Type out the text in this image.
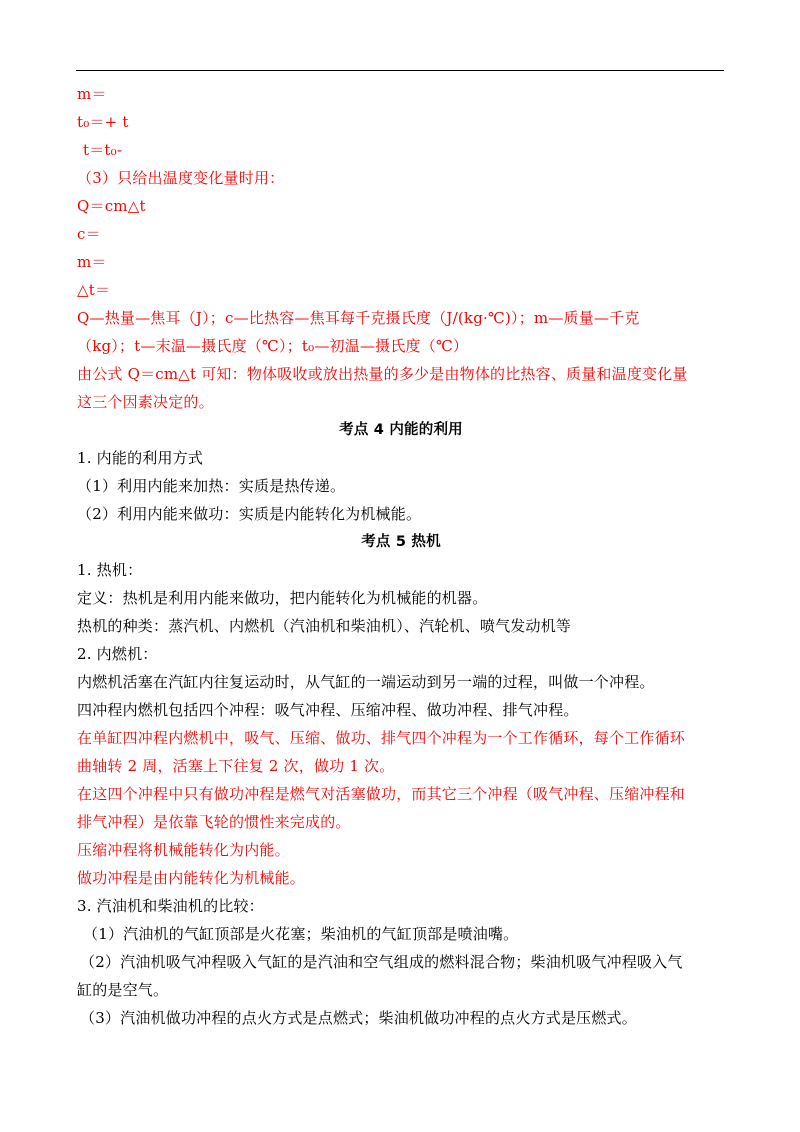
m＝
t₀＝+ t
t＝t₀-
（3）只给出温度变化量时用：
Q＝cm△t
c＝
m＝
△t＝
Q—热量—焦耳（J）；c—比热容—焦耳每千克摄氏度（J/(kg·℃)）；m—质量—千克
（kg）；t—末温—摄氏度（℃）；t₀—初温—摄氏度（℃）
由公式 Q＝cm△t 可知：物体吸收或放出热量的多少是由物体的比热容、质量和温度变化量
这三个因素决定的。
考点 4 内能的利用
1. 内能的利用方式
（1）利用内能来加热：实质是热传递。
（2）利用内能来做功：实质是内能转化为机械能。
考点 5 热机
1. 热机：
定义：热机是利用内能来做功，把内能转化为机械能的机器。
热机的种类：蒸汽机、内燃机（汽油机和柴油机）、汽轮机、喷气发动机等
2. 内燃机：
内燃机活塞在汽缸内往复运动时，从气缸的一端运动到另一端的过程，叫做一个冲程。
四冲程内燃机包括四个冲程：吸气冲程、压缩冲程、做功冲程、排气冲程。
在单缸四冲程内燃机中，吸气、压缩、做功、排气四个冲程为一个工作循环，每个工作循环
曲轴转 2 周，活塞上下往复 2 次，做功 1 次。
在这四个冲程中只有做功冲程是燃气对活塞做功，而其它三个冲程（吸气冲程、压缩冲程和
排气冲程）是依靠飞轮的惯性来完成的。
压缩冲程将机械能转化为内能。
做功冲程是由内能转化为机械能。
3. 汽油机和柴油机的比较：
（1）汽油机的气缸顶部是火花塞；柴油机的气缸顶部是喷油嘴。
（2）汽油机吸气冲程吸入气缸的是汽油和空气组成的燃料混合物；柴油机吸气冲程吸入气
缸的是空气。
（3）汽油机做功冲程的点火方式是点燃式；柴油机做功冲程的点火方式是压燃式。
